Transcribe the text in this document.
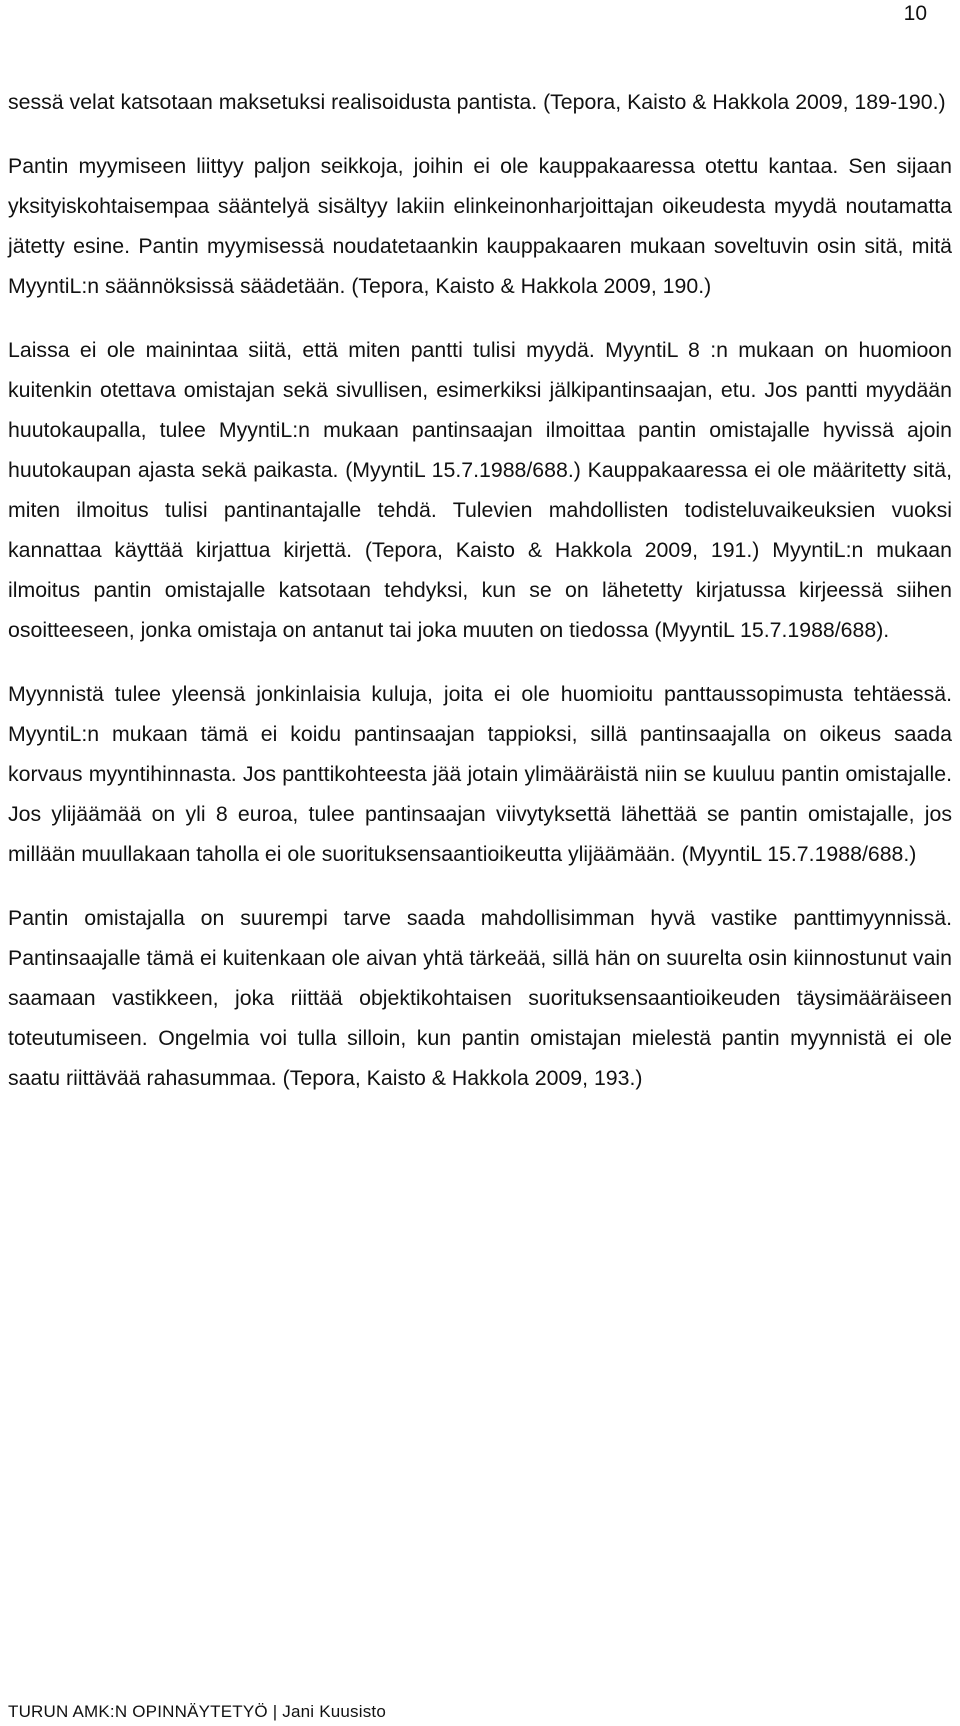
10

sessä velat katsotaan maksetuksi realisoidusta pantista. (Tepora, Kaisto & Hakkola 2009, 189-190.)

Pantin myymiseen liittyy paljon seikkoja, joihin ei ole kauppakaaressa otettu kantaa. Sen sijaan yksityiskohtaisempaa sääntelyä sisältyy lakiin elinkeinonharjoittajan oikeudesta myydä noutamatta jätetty esine. Pantin myymisessä noudatetaankin kauppakaaren mukaan soveltuvin osin sitä, mitä MyyntiL:n säännöksissä säädetään. (Tepora, Kaisto & Hakkola 2009, 190.)

Laissa ei ole mainintaa siitä, että miten pantti tulisi myydä. MyyntiL 8 :n mukaan on huomioon kuitenkin otettava omistajan sekä sivullisen, esimerkiksi jälkipantinsaajan, etu. Jos pantti myydään huutokaupalla, tulee MyyntiL:n mukaan pantinsaajan ilmoittaa pantin omistajalle hyvissä ajoin huutokaupan ajasta sekä paikasta. (MyyntiL 15.7.1988/688.) Kauppakaaressa ei ole määritetty sitä, miten ilmoitus tulisi pantinantajalle tehdä. Tulevien mahdollisten todisteluvaikeuksien vuoksi kannattaa käyttää kirjattua kirjettä. (Tepora, Kaisto & Hakkola 2009, 191.) MyyntiL:n mukaan ilmoitus pantin omistajalle katsotaan tehdyksi, kun se on lähetetty kirjatussa kirjeessä siihen osoitteeseen, jonka omistaja on antanut tai joka muuten on tiedossa (MyyntiL 15.7.1988/688).

Myynnistä tulee yleensä jonkinlaisia kuluja, joita ei ole huomioitu panttaussopimusta tehtäessä. MyyntiL:n mukaan tämä ei koidu pantinsaajan tappioksi, sillä pantinsaajalla on oikeus saada korvaus myyntihinnasta. Jos panttikohteesta jää jotain ylimääräistä niin se kuuluu pantin omistajalle. Jos ylijäämää on yli 8 euroa, tulee pantinsaajan viivytyksettä lähettää se pantin omistajalle, jos millään muullakaan taholla ei ole suorituksensaantioikeutta ylijäämään. (MyyntiL 15.7.1988/688.)

Pantin omistajalla on suurempi tarve saada mahdollisimman hyvä vastike panttimyynnissä. Pantinsaajalle tämä ei kuitenkaan ole aivan yhtä tärkeää, sillä hän on suurelta osin kiinnostunut vain saamaan vastikkeen, joka riittää objektikohtaisen suorituksensaantioikeuden täysimääräiseen toteutumiseen. Ongelmia voi tulla silloin, kun pantin omistajan mielestä pantin myynnistä ei ole saatu riittävää rahasummaa. (Tepora, Kaisto & Hakkola 2009, 193.)

TURUN AMK:N OPINNÄYTETYÖ | Jani Kuusisto
